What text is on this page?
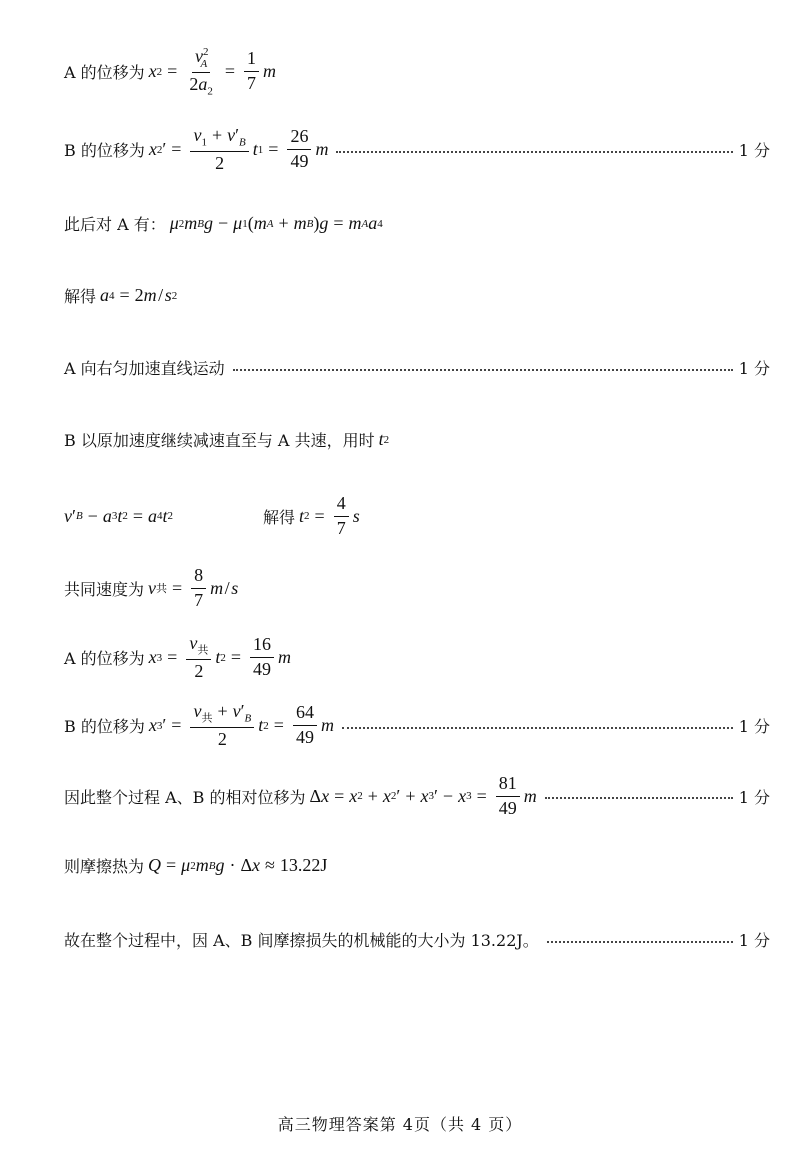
A 的位移为 x $2 = \frac{v^2_A}{2a_2} = \frac{1}{7}$ m
B 的位移为 x 2 ′ = $\frac{v_1 + v'_B}{2}$ t $1 = \frac{26}{49}$ m	1 分
此后对 A 有： μ 2 m B g − μ 1 ( m A + m B ) g = m A a 4
解得 a 4 = 2 m  /  s 2
A 向右匀加速直线运动	1 分
B 以原加速度继续减速直至与 A 共速，用时 t 2
v ′ B − a 3 t 2 = a 4 t 2	解得 t $2 = \frac{4}{7}$ s
共同速度为 v 共 = $\frac{8}{7}$ m  /  s
A 的位移为 x $3 = \frac{v_共}{2}$ t $2 = \frac{16}{49}$ m
B 的位移为 x 3 ′ = $\frac{v_共 + v'_B}{2}$ t $2 = \frac{64}{49}$ m	1 分
因此整个过程 A、B 的相对位移为 Δ x = x 2 + x 2 ′ + x 3 ′ − x $3 = \frac{81}{49}$ m	1 分
则摩擦热为 Q = μ 2 m B g · Δ x ≈ 13.22J
故在整个过程中，因 A、B 间摩擦损失的机械能的大小为 13.22J。	1 分
高三物理答案第 4页（共 4 页）
